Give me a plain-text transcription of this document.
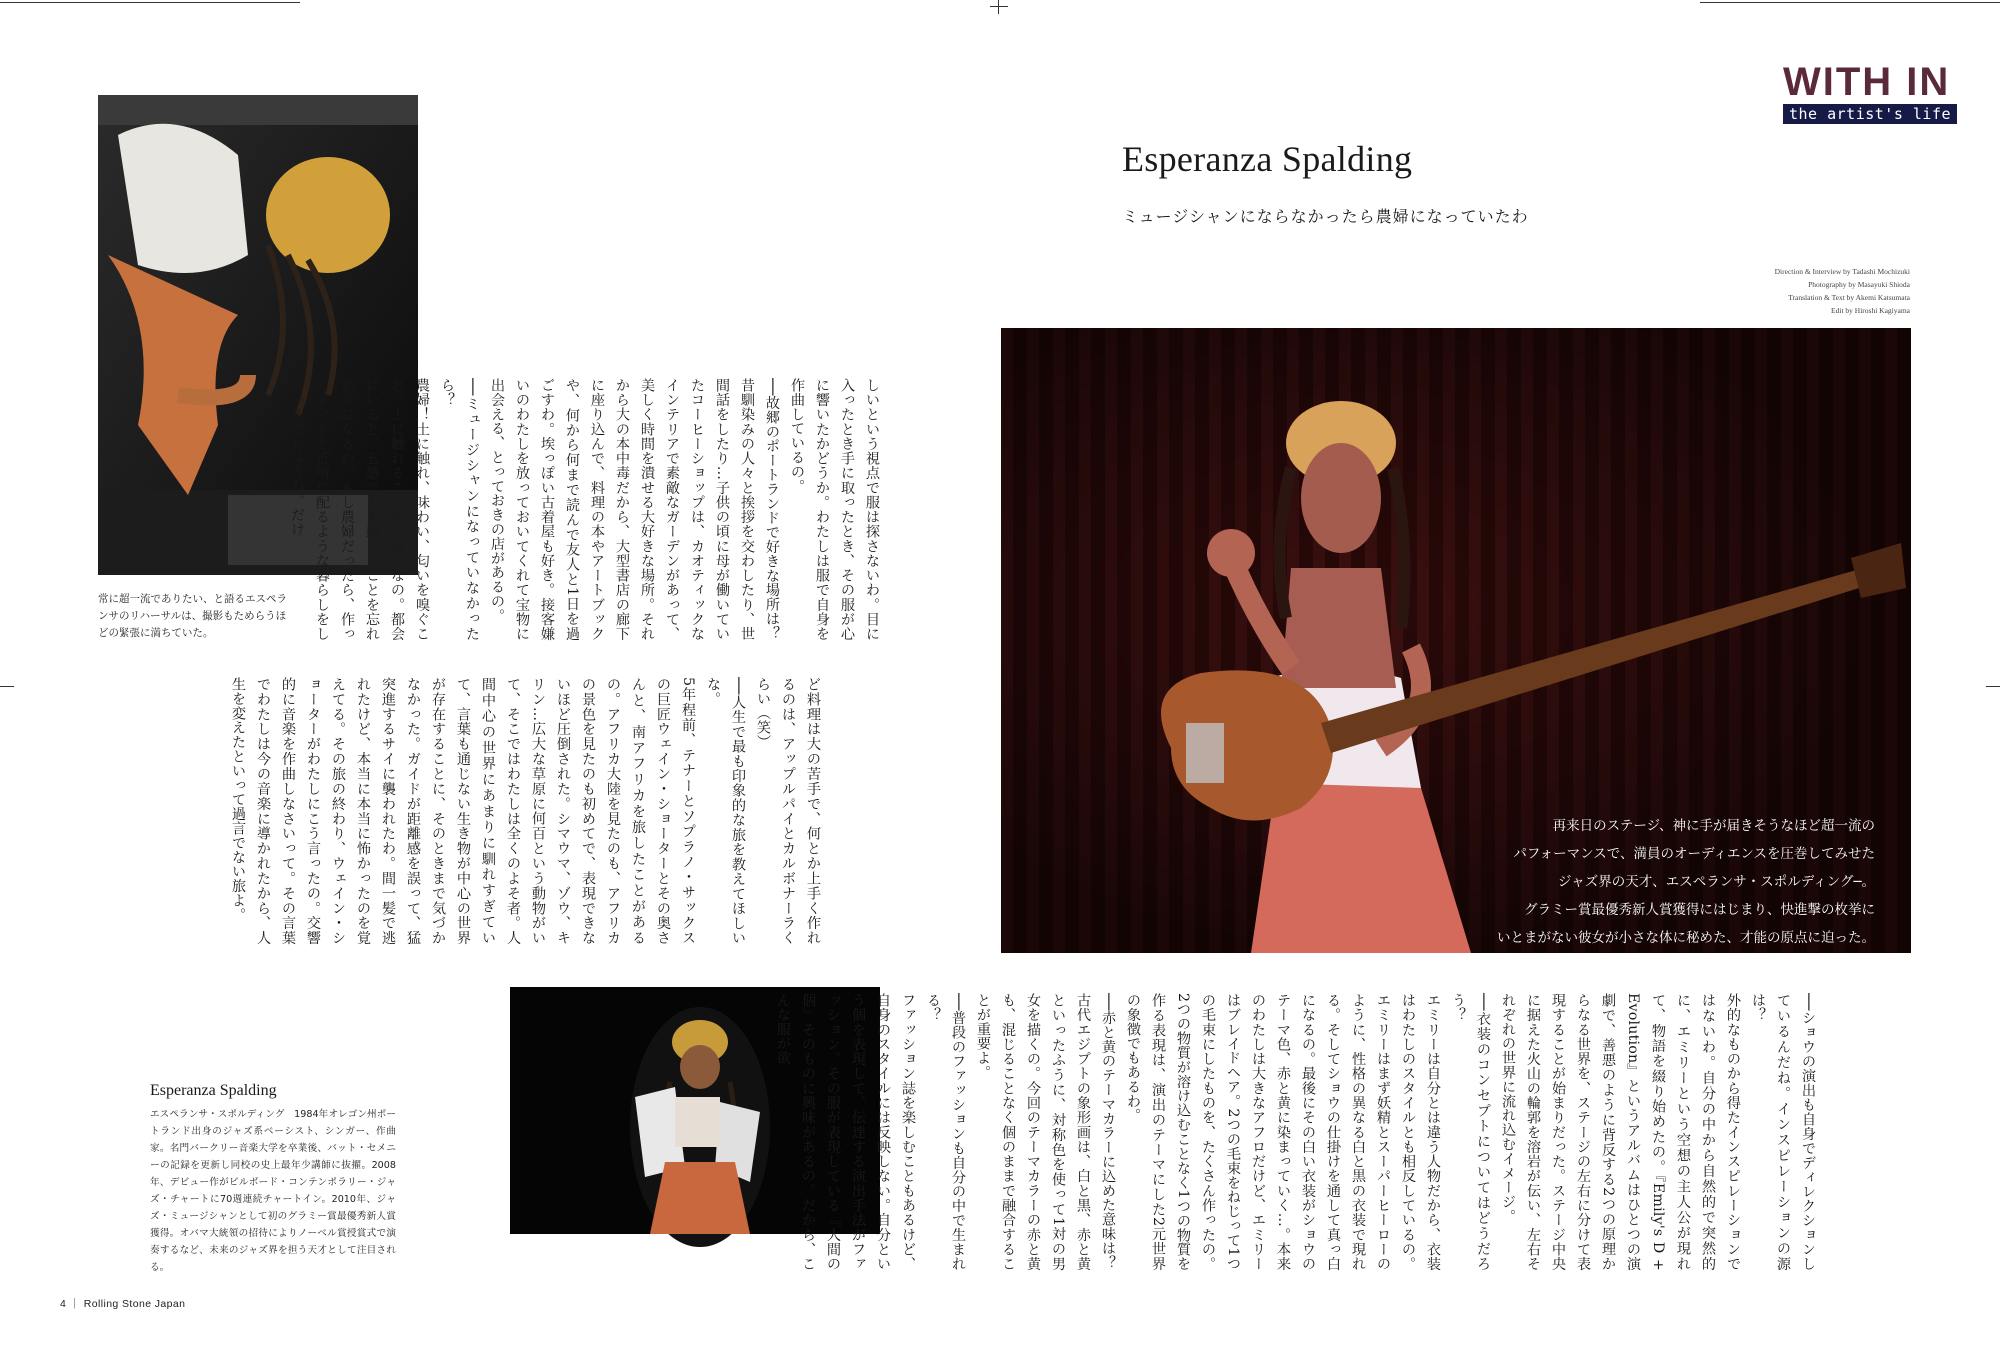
常に超一流でありたい、と語るエスペラ
ンサのリハーサルは、撮影もためらうほ
どの緊張に満ちていた。	しいという視点で服は探さないわ。目に入ったとき手に取ったとき、その服が心に響いたかどうか。わたしは服で自身を作曲しているの。
──故郷のポートランドで好きな場所は？
昔馴染みの人々と挨拶を交わしたり、世間話をしたり…子供の頃に母が働いていたコーヒーショップは、カオティックなインテリアで素敵なガーデンがあって、美しく時間を潰せる大好きな場所。それから大の本中毒だから、大型書店の廊下に座り込んで、料理の本やアートブックや、何から何まで読んで友人と1日を過ごすわ。埃っぽい古着屋も好き。接客嫌いのわたしを放っておいてくれて宝物に出会える、とっておきの店があるの。
──ミュージシャンになっていなかったら？
農婦！土に触れ、味わい、匂いを嗅ぐこと。土に触れることが大好きなの。都会にいると、五感で土を感じることを忘れがちになるわ。もし農婦だったら、作ったトマトを近所に配るような暮らしをしているでしょうね。だけ
ど料理は大の苦手で、何とか上手く作れるのは、アップルパイとカルボナーラくらい（笑）
──人生で最も印象的な旅を教えてほしいな。
5年程前、テナーとソプラノ・サックスの巨匠ウェイン・ショーターとその奥さんと、南アフリカを旅したことがあるの。アフリカ大陸を見たのも、アフリカの景色を見たのも初めてで、表現できないほど圧倒された。シマウマ、ゾウ、キリン…広大な草原に何百という動物がいて、そこではわたしは全くのよそ者。人間中心の世界にあまりに馴れすぎていて、言葉も通じない生き物が中心の世界が存在することに、そのときまで気づかなかった。ガイドが距離感を誤って、猛突進するサイに襲われたわ。間一髪で逃れたけど、本当に本当に怖かったのを覚えてる。その旅の終わり、ウェイン・ショーターがわたしにこう言ったの。交響的に音楽を作曲しなさいって。その言葉でわたしは今の音楽に導かれたから、人生を変えたといって過言でない旅よ。
Esperanza Spalding
エスペランサ・スポルディング　1984年オレゴン州ポートランド出身のジャズ系ベーシスト、シンガー、作曲家。名門バークリー音楽大学を卒業後、バット・セメニーの記録を更新し同校の史上最年少講師に抜擢。2008年、デビュー作がビルボード・コンテンポラリー・ジャズ・チャートに70週連続チャートイン。2010年、ジャズ・ミュージシャンとして初のグラミー賞最優秀新人賞獲得。オバマ大統領の招待によりノーベル賞授賞式で演奏するなど、未来のジャズ界を担う天才として注目される。
4 ｜ Rolling Stone Japan
WITH IN
the artist's life
Esperanza Spalding
ミュージシャンにならなかったら農婦になっていたわ
Direction & Interview by Tadashi Mochizuki
Photography by Masayuki Shioda
Translation & Text by Akemi Katsumata
Edit by Hiroshi Kagiyama
再来日のステージ、神に手が届きそうなほど超一流の
パフォーマンスで、満員のオーディエンスを圧巻してみせた
ジャズ界の天才、エスペランサ・スポルディング─。
グラミー賞最優秀新人賞獲得にはじまり、快進撃の枚挙に
いとまがない彼女が小さな体に秘めた、才能の原点に迫った。
──ショウの演出も自身でディレクションしているんだね。インスピレーションの源は？
外的なものから得たインスピレーションではないわ。自分の中から自然的で突然的に、エミリーという空想の主人公が現れて、物語を綴り始めたの。『Emily's D + Evolution』というアルバムはひとつの演劇で、善悪のように背反する2つの原理からなる世界を、ステージの左右に分けて表現することが始まりだった。ステージ中央に据えた火山の輪郭を溶岩が伝い、左右それぞれの世界に流れ込むイメージ。
──衣装のコンセプトについてはどうだろう？
エミリーは自分とは違う人物だから、衣装はわたしのスタイルとも相反しているの。エミリーはまず妖精とスーパーヒーローのように、性格の異なる白と黒の衣装で現れる。そしてショウの仕掛けを通して真っ白になるの。最後にその白い衣装がショウのテーマ色、赤と黄に染まっていく…。本来のわたしは大きなアフロだけど、エミリーはブレイドヘア。2つの毛束をねじって1つの毛束にしたものを、たくさん作ったの。2つの物質が溶け込むことなく1つの物質を作る表現は、演出のテーマにした2元世界の象徴でもあるわ。
──赤と黄のテーマカラーに込めた意味は？
古代エジプトの象形画は、白と黒、赤と黄といったふうに、対称色を使って1対の男女を描くの。今回のテーマカラーの赤と黄も、混じることなく個のままで融合することが重要よ。
──普段のファッションも自分の中で生まれる？
ファッション誌を楽しむこともあるけど、自身のスタイルには反映しない。自分という個を表現して、伝達する演出手法がファッション。その服が表現している『人間の個』そのものに興味があるの。だから、こんな服が欲
